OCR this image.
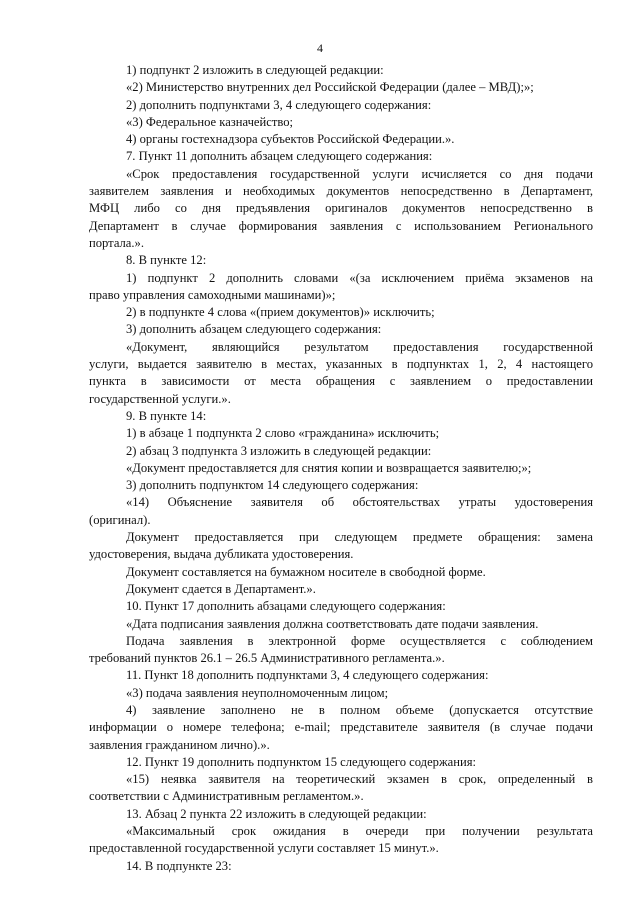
4
1) подпункт 2 изложить в следующей редакции:
«2) Министерство внутренних дел Российской Федерации (далее – МВД);»;
2) дополнить подпунктами 3, 4 следующего содержания:
«3) Федеральное казначейство;
4) органы гостехнадзора субъектов Российской Федерации.».
7. Пункт 11 дополнить абзацем следующего содержания:
«Срок предоставления государственной услуги исчисляется со дня подачи
заявителем заявления и необходимых документов непосредственно в Департамент,
МФЦ либо со дня предъявления оригиналов документов непосредственно в
Департамент в случае формирования заявления с использованием Регионального
портала.».
8. В пункте 12:
1) подпункт 2 дополнить словами «(за исключением приёма экзаменов на
право управления самоходными машинами)»;
2) в подпункте 4 слова «(прием документов)» исключить;
3) дополнить абзацем следующего содержания:
«Документ, являющийся результатом предоставления государственной
услуги, выдается заявителю в местах, указанных в подпунктах 1, 2, 4 настоящего
пункта в зависимости от места обращения с заявлением о предоставлении
государственной услуги.».
9. В пункте 14:
1) в абзаце 1 подпункта 2 слово «гражданина» исключить;
2) абзац 3 подпункта 3 изложить в следующей редакции:
«Документ предоставляется для снятия копии и возвращается заявителю;»;
3) дополнить подпунктом 14 следующего содержания:
«14) Объяснение заявителя об обстоятельствах утраты удостоверения
(оригинал).
Документ предоставляется при следующем предмете обращения: замена
удостоверения, выдача дубликата удостоверения.
Документ составляется на бумажном носителе в свободной форме.
Документ сдается в Департамент.».
10. Пункт 17 дополнить абзацами следующего содержания:
«Дата подписания заявления должна соответствовать дате подачи заявления.
Подача заявления в электронной форме осуществляется с соблюдением
требований пунктов 26.1 – 26.5 Административного регламента.».
11. Пункт 18 дополнить подпунктами 3, 4 следующего содержания:
«3) подача заявления неуполномоченным лицом;
4) заявление заполнено не в полном объеме (допускается отсутствие
информации о номере телефона; e-mail; представителе заявителя (в случае подачи
заявления гражданином лично).».
12. Пункт 19 дополнить подпунктом 15 следующего содержания:
«15) неявка заявителя на теоретический экзамен в срок, определенный в
соответствии с Административным регламентом.».
13. Абзац 2 пункта 22 изложить в следующей редакции:
«Максимальный срок ожидания в очереди при получении результата
предоставленной государственной услуги составляет 15 минут.».
14. В подпункте 23:
